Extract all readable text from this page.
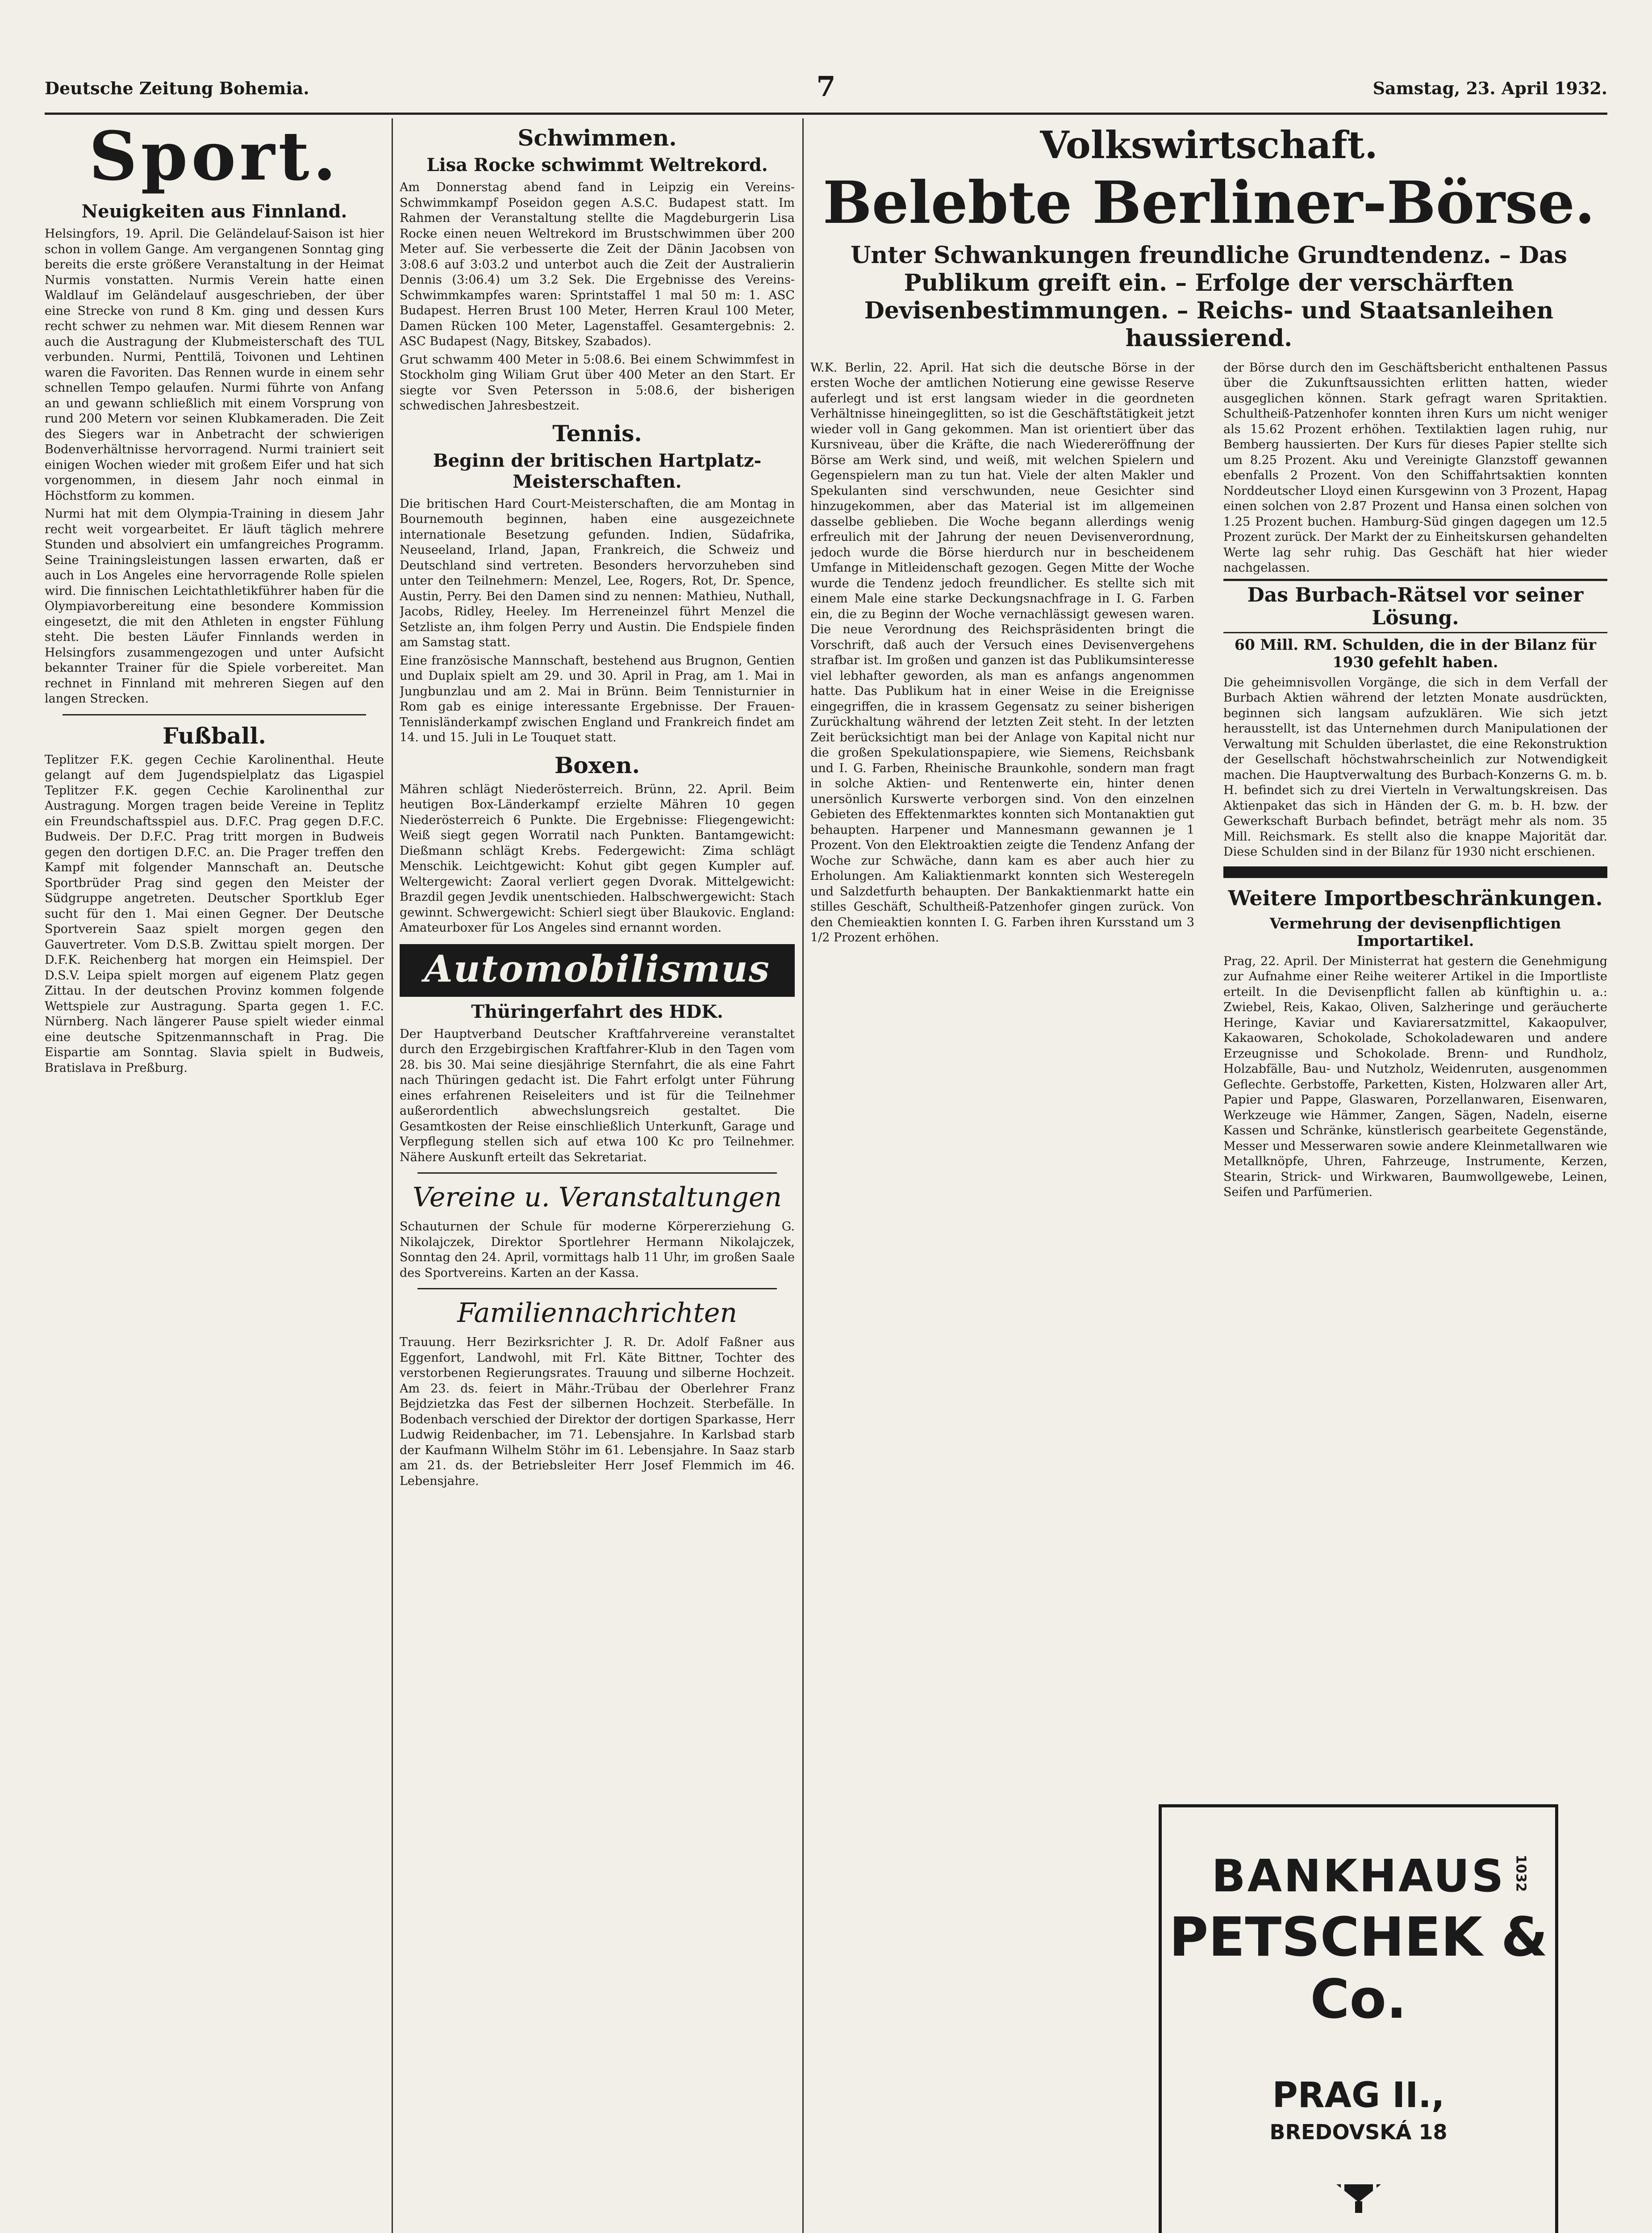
Deutsche Zeitung Bohemia.	7	Samstag, 23. April 1932.
Sport.
Neuigkeiten aus Finnland.

Helsingfors, 19. April. Die Geländelauf-Saison ist hier schon in vollem Gange. Am vergangenen Sonntag ging bereits die erste größere Veranstaltung in der Heimat Nurmis vonstatten. Nurmis Verein hatte einen Waldlauf im Geländelauf ausgeschrieben, der über eine Strecke von rund 8 Km. ging und dessen Kurs recht schwer zu nehmen war. Mit diesem Rennen war auch die Austragung der Klubmeisterschaft des TUL verbunden. Nurmi, Penttilä, Toivonen und Lehtinen waren die Favoriten. Das Rennen wurde in einem sehr schnellen Tempo gelaufen. Nurmi führte von Anfang an und gewann schließlich mit einem Vorsprung von rund 200 Metern vor seinen Klubkameraden. Die Zeit des Siegers war in Anbetracht der schwierigen Bodenverhältnisse hervorragend. Nurmi trainiert seit einigen Wochen wieder mit großem Eifer und hat sich vorgenommen, in diesem Jahr noch einmal in Höchstform zu kommen.

Nurmi hat mit dem Olympia-Training in diesem Jahr recht weit vorgearbeitet. Er läuft täglich mehrere Stunden und absolviert ein umfangreiches Programm. Seine Trainingsleistungen lassen erwarten, daß er auch in Los Angeles eine hervorragende Rolle spielen wird. Die finnischen Leichtathletikführer haben für die Olympiavorbereitung eine besondere Kommission eingesetzt, die mit den Athleten in engster Fühlung steht. Die besten Läufer Finnlands werden in Helsingfors zusammengezogen und unter Aufsicht bekannter Trainer für die Spiele vorbereitet. Man rechnet in Finnland mit mehreren Siegen auf den langen Strecken.

Fußball.

Teplitzer F.K. gegen Cechie Karolinenthal. Heute gelangt auf dem Jugendspielplatz das Ligaspiel Teplitzer F.K. gegen Cechie Karolinenthal zur Austragung. Morgen tragen beide Vereine in Teplitz ein Freundschaftsspiel aus. D.F.C. Prag gegen D.F.C. Budweis. Der D.F.C. Prag tritt morgen in Budweis gegen den dortigen D.F.C. an. Die Prager treffen den Kampf mit folgender Mannschaft an. Deutsche Sportbrüder Prag sind gegen den Meister der Südgruppe angetreten. Deutscher Sportklub Eger sucht für den 1. Mai einen Gegner. Der Deutsche Sportverein Saaz spielt morgen gegen den Gauvertreter. Vom D.S.B. Zwittau spielt morgen. Der D.F.K. Reichenberg hat morgen ein Heimspiel. Der D.S.V. Leipa spielt morgen auf eigenem Platz gegen Zittau. In der deutschen Provinz kommen folgende Wettspiele zur Austragung. Sparta gegen 1. F.C. Nürnberg. Nach längerer Pause spielt wieder einmal eine deutsche Spitzenmannschaft in Prag. Die Eispartie am Sonntag. Slavia spielt in Budweis, Bratislava in Preßburg.

Schwimmen.
Lisa Rocke schwimmt Weltrekord.

Am Donnerstag abend fand in Leipzig ein Vereins-Schwimmkampf Poseidon gegen A.S.C. Budapest statt. Im Rahmen der Veranstaltung stellte die Magdeburgerin Lisa Rocke einen neuen Weltrekord im Brustschwimmen über 200 Meter auf. Sie verbesserte die Zeit der Dänin Jacobsen von 3:08.6 auf 3:03.2 und unterbot auch die Zeit der Australierin Dennis (3:06.4) um 3.2 Sek. Die Ergebnisse des Vereins-Schwimmkampfes waren: Sprintstaffel 1 mal 50 m: 1. ASC Budapest. Herren Brust 100 Meter, Herren Kraul 100 Meter, Damen Rücken 100 Meter, Lagenstaffel. Gesamtergebnis: 2. ASC Budapest (Nagy, Bitskey, Szabados).

Grut schwamm 400 Meter in 5:08.6. Bei einem Schwimmfest in Stockholm ging Wiliam Grut über 400 Meter an den Start. Er siegte vor Sven Petersson in 5:08.6, der bisherigen schwedischen Jahresbestzeit.

Tennis.
Beginn der britischen Hartplatz-Meisterschaften.

Die britischen Hard Court-Meisterschaften, die am Montag in Bournemouth beginnen, haben eine ausgezeichnete internationale Besetzung gefunden. Indien, Südafrika, Neuseeland, Irland, Japan, Frankreich, die Schweiz und Deutschland sind vertreten. Besonders hervorzuheben sind unter den Teilnehmern: Menzel, Lee, Rogers, Rot, Dr. Spence, Austin, Perry. Bei den Damen sind zu nennen: Mathieu, Nuthall, Jacobs, Ridley, Heeley. Im Herreneinzel führt Menzel die Setzliste an, ihm folgen Perry und Austin. Die Endspiele finden am Samstag statt.

Eine französische Mannschaft, bestehend aus Brugnon, Gentien und Duplaix spielt am 29. und 30. April in Prag, am 1. Mai in Jungbunzlau und am 2. Mai in Brünn. Beim Tennisturnier in Rom gab es einige interessante Ergebnisse. Der Frauen-Tennisländerkampf zwischen England und Frankreich findet am 14. und 15. Juli in Le Touquet statt.

Boxen.

Mähren schlägt Niederösterreich. Brünn, 22. April. Beim heutigen Box-Länderkampf erzielte Mähren 10 gegen Niederösterreich 6 Punkte. Die Ergebnisse: Fliegengewicht: Weiß siegt gegen Worratil nach Punkten. Bantamgewicht: Dießmann schlägt Krebs. Federgewicht: Zima schlägt Menschik. Leichtgewicht: Kohut gibt gegen Kumpler auf. Weltergewicht: Zaoral verliert gegen Dvorak. Mittelgewicht: Brazdil gegen Jevdik unentschieden. Halbschwergewicht: Stach gewinnt. Schwergewicht: Schierl siegt über Blaukovic. England: Amateurboxer für Los Angeles sind ernannt worden.

Automobilismus
Thüringerfahrt des HDK.

Der Hauptverband Deutscher Kraftfahrvereine veranstaltet durch den Erzgebirgischen Kraftfahrer-Klub in den Tagen vom 28. bis 30. Mai seine diesjährige Sternfahrt, die als eine Fahrt nach Thüringen gedacht ist. Die Fahrt erfolgt unter Führung eines erfahrenen Reiseleiters und ist für die Teilnehmer außerordentlich abwechslungsreich gestaltet. Die Gesamtkosten der Reise einschließlich Unterkunft, Garage und Verpflegung stellen sich auf etwa 100 Kc pro Teilnehmer. Nähere Auskunft erteilt das Sekretariat.

Vereine u. Veranstaltungen

Schauturnen der Schule für moderne Körpererziehung G. Nikolajczek, Direktor Sportlehrer Hermann Nikolajczek, Sonntag den 24. April, vormittags halb 11 Uhr, im großen Saale des Sportvereins. Karten an der Kassa.

Familiennachrichten

Trauung. Herr Bezirksrichter J. R. Dr. Adolf Faßner aus Eggenfort, Landwohl, mit Frl. Käte Bittner, Tochter des verstorbenen Regierungsrates. Trauung und silberne Hochzeit. Am 23. ds. feiert in Mähr.-Trübau der Oberlehrer Franz Bejdzietzka das Fest der silbernen Hochzeit. Sterbefälle. In Bodenbach verschied der Direktor der dortigen Sparkasse, Herr Ludwig Reidenbacher, im 71. Lebensjahre. In Karlsbad starb der Kaufmann Wilhelm Stöhr im 61. Lebensjahre. In Saaz starb am 21. ds. der Betriebsleiter Herr Josef Flemmich im 46. Lebensjahre.

Volkswirtschaft.
Belebte Berliner-Börse.
Unter Schwankungen freundliche Grundtendenz. – Das Publikum greift ein. – Erfolge der verschärften Devisenbestimmungen. – Reichs- und Staatsanleihen haussierend.

W.K. Berlin, 22. April. Hat sich die deutsche Börse in der ersten Woche der amtlichen Notierung eine gewisse Reserve auferlegt und ist erst langsam wieder in die geordneten Verhältnisse hineingeglitten, so ist die Geschäftstätigkeit jetzt wieder voll in Gang gekommen. Man ist orientiert über das Kursniveau, über die Kräfte, die nach Wiedereröffnung der Börse am Werk sind, und weiß, mit welchen Spielern und Gegenspielern man zu tun hat. Viele der alten Makler und Spekulanten sind verschwunden, neue Gesichter sind hinzugekommen, aber das Material ist im allgemeinen dasselbe geblieben. Die Woche begann allerdings wenig erfreulich mit der Jahrung der neuen Devisenverordnung, jedoch wurde die Börse hierdurch nur in bescheidenem Umfange in Mitleidenschaft gezogen. Gegen Mitte der Woche wurde die Tendenz jedoch freundlicher. Es stellte sich mit einem Male eine starke Deckungsnachfrage in I. G. Farben ein, die zu Beginn der Woche vernachlässigt gewesen waren. Die neue Verordnung des Reichspräsidenten bringt die Vorschrift, daß auch der Versuch eines Devisenvergehens strafbar ist. Im großen und ganzen ist das Publikumsinteresse viel lebhafter geworden, als man es anfangs angenommen hatte. Das Publikum hat in einer Weise in die Ereignisse eingegriffen, die in krassem Gegensatz zu seiner bisherigen Zurückhaltung während der letzten Zeit steht. In der letzten Zeit berücksichtigt man bei der Anlage von Kapital nicht nur die großen Spekulationspapiere, wie Siemens, Reichsbank und I. G. Farben, Rheinische Braunkohle, sondern man fragt in solche Aktien- und Rentenwerte ein, hinter denen unersönlich Kurswerte verborgen sind. Von den einzelnen Gebieten des Effektenmarktes konnten sich Montanaktien gut behaupten. Harpener und Mannesmann gewannen je 1 Prozent. Von den Elektroaktien zeigte die Tendenz Anfang der Woche zur Schwäche, dann kam es aber auch hier zu Erholungen. Am Kaliaktienmarkt konnten sich Westeregeln und Salzdetfurth behaupten. Der Bankaktienmarkt hatte ein stilles Geschäft, Schultheiß-Patzenhofer gingen zurück. Von den Chemieaktien konnten I. G. Farben ihren Kursstand um 3 1/2 Prozent erhöhen.

der Börse durch den im Geschäftsbericht enthaltenen Passus über die Zukunftsaussichten erlitten hatten, wieder ausgeglichen können. Stark gefragt waren Spritaktien. Schultheiß-Patzenhofer konnten ihren Kurs um nicht weniger als 15.62 Prozent erhöhen. Textilaktien lagen ruhig, nur Bemberg haussierten. Der Kurs für dieses Papier stellte sich um 8.25 Prozent. Aku und Vereinigte Glanzstoff gewannen ebenfalls 2 Prozent. Von den Schiffahrtsaktien konnten Norddeutscher Lloyd einen Kursgewinn von 3 Prozent, Hapag einen solchen von 2.87 Prozent und Hansa einen solchen von 1.25 Prozent buchen. Hamburg-Süd gingen dagegen um 12.5 Prozent zurück. Der Markt der zu Einheitskursen gehandelten Werte lag sehr ruhig. Das Geschäft hat hier wieder nachgelassen.

Das Burbach-Rätsel vor seiner Lösung.
60 Mill. RM. Schulden, die in der Bilanz für 1930 gefehlt haben.

Die geheimnisvollen Vorgänge, die sich in dem Verfall der Burbach Aktien während der letzten Monate ausdrückten, beginnen sich langsam aufzuklären. Wie sich jetzt herausstellt, ist das Unternehmen durch Manipulationen der Verwaltung mit Schulden überlastet, die eine Rekonstruktion der Gesellschaft höchstwahrscheinlich zur Notwendigkeit machen. Die Hauptverwaltung des Burbach-Konzerns G. m. b. H. befindet sich zu drei Vierteln in Verwaltungskreisen. Das Aktienpaket das sich in Händen der G. m. b. H. bzw. der Gewerkschaft Burbach befindet, beträgt mehr als nom. 35 Mill. Reichsmark. Es stellt also die knappe Majorität dar. Diese Schulden sind in der Bilanz für 1930 nicht erschienen.

Weitere Importbeschränkungen.
Vermehrung der devisenpflichtigen Importartikel.

Prag, 22. April. Der Ministerrat hat gestern die Genehmigung zur Aufnahme einer Reihe weiterer Artikel in die Importliste erteilt. In die Devisenpflicht fallen ab künftighin u. a.: Zwiebel, Reis, Kakao, Oliven, Salzheringe und geräucherte Heringe, Kaviar und Kaviarersatzmittel, Kakaopulver, Kakaowaren, Schokolade, Schokoladewaren und andere Erzeugnisse und Schokolade. Brenn- und Rundholz, Holzabfälle, Bau- und Nutzholz, Weidenruten, ausgenommen Geflechte. Gerbstoffe, Parketten, Kisten, Holzwaren aller Art, Papier und Pappe, Glaswaren, Porzellanwaren, Eisenwaren, Werkzeuge wie Hämmer, Zangen, Sägen, Nadeln, eiserne Kassen und Schränke, künstlerisch gearbeitete Gegenstände, Messer und Messerwaren sowie andere Kleinmetallwaren wie Metallknöpfe, Uhren, Fahrzeuge, Instrumente, Kerzen, Stearin, Strick- und Wirkwaren, Baumwollgewebe, Leinen, Seifen und Parfümerien.

1032
BANKHAUS
PETSCHEK & Co.
PRAG II.,
BREDOVSKÁ 18
